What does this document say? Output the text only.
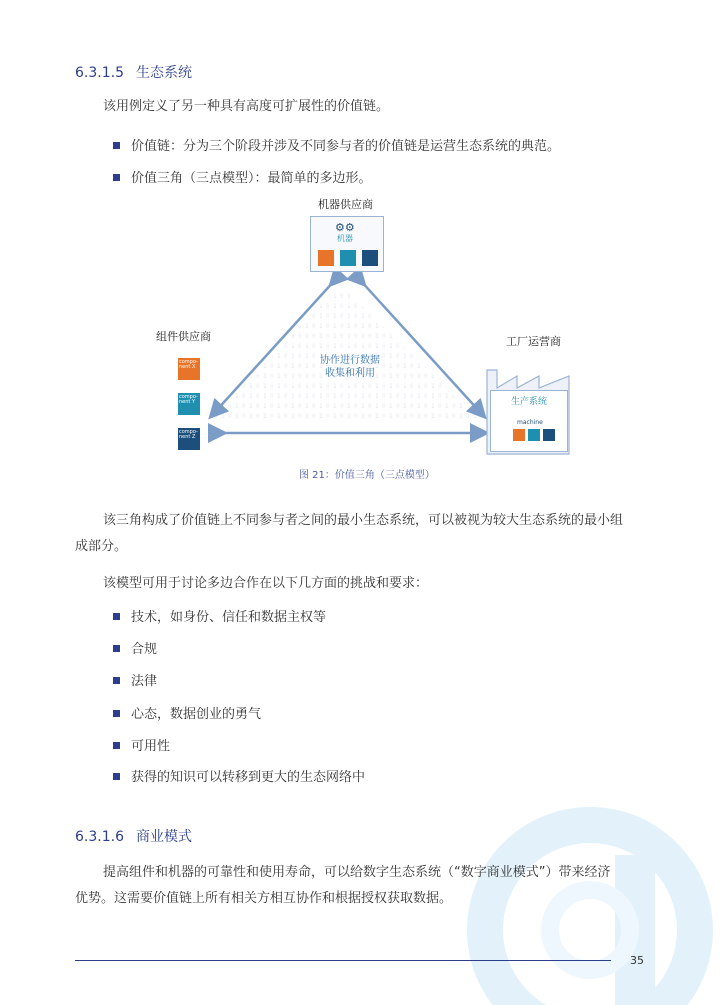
6.3.1.5 生态系统
该用例定义了另一种具有高度可扩展性的价值链。
价值链：分为三个阶段并涉及不同参与者的价值链是运营生态系统的典范。
价值三角（三点模型）：最简单的多边形。
机器供应商
⚙⚙
机器
组件供应商
compo-
nent X
compo-
nent Y
compo-
nent Z
协作进行数据
收集和利用
工厂运营商
生产系统
machine
图 21：价值三角（三点模型）
该三角构成了价值链上不同参与者之间的最小生态系统，可以被视为较大生态系统的最小组
成部分。
该模型可用于讨论多边合作在以下几方面的挑战和要求：
技术，如身份、信任和数据主权等
合规
法律
心态，数据创业的勇气
可用性
获得的知识可以转移到更大的生态网络中
6.3.1.6 商业模式
提高组件和机器的可靠性和使用寿命，可以给数字生态系统（“数字商业模式”）带来经济
优势。这需要价值链上所有相关方相互协作和根据授权获取数据。
35
